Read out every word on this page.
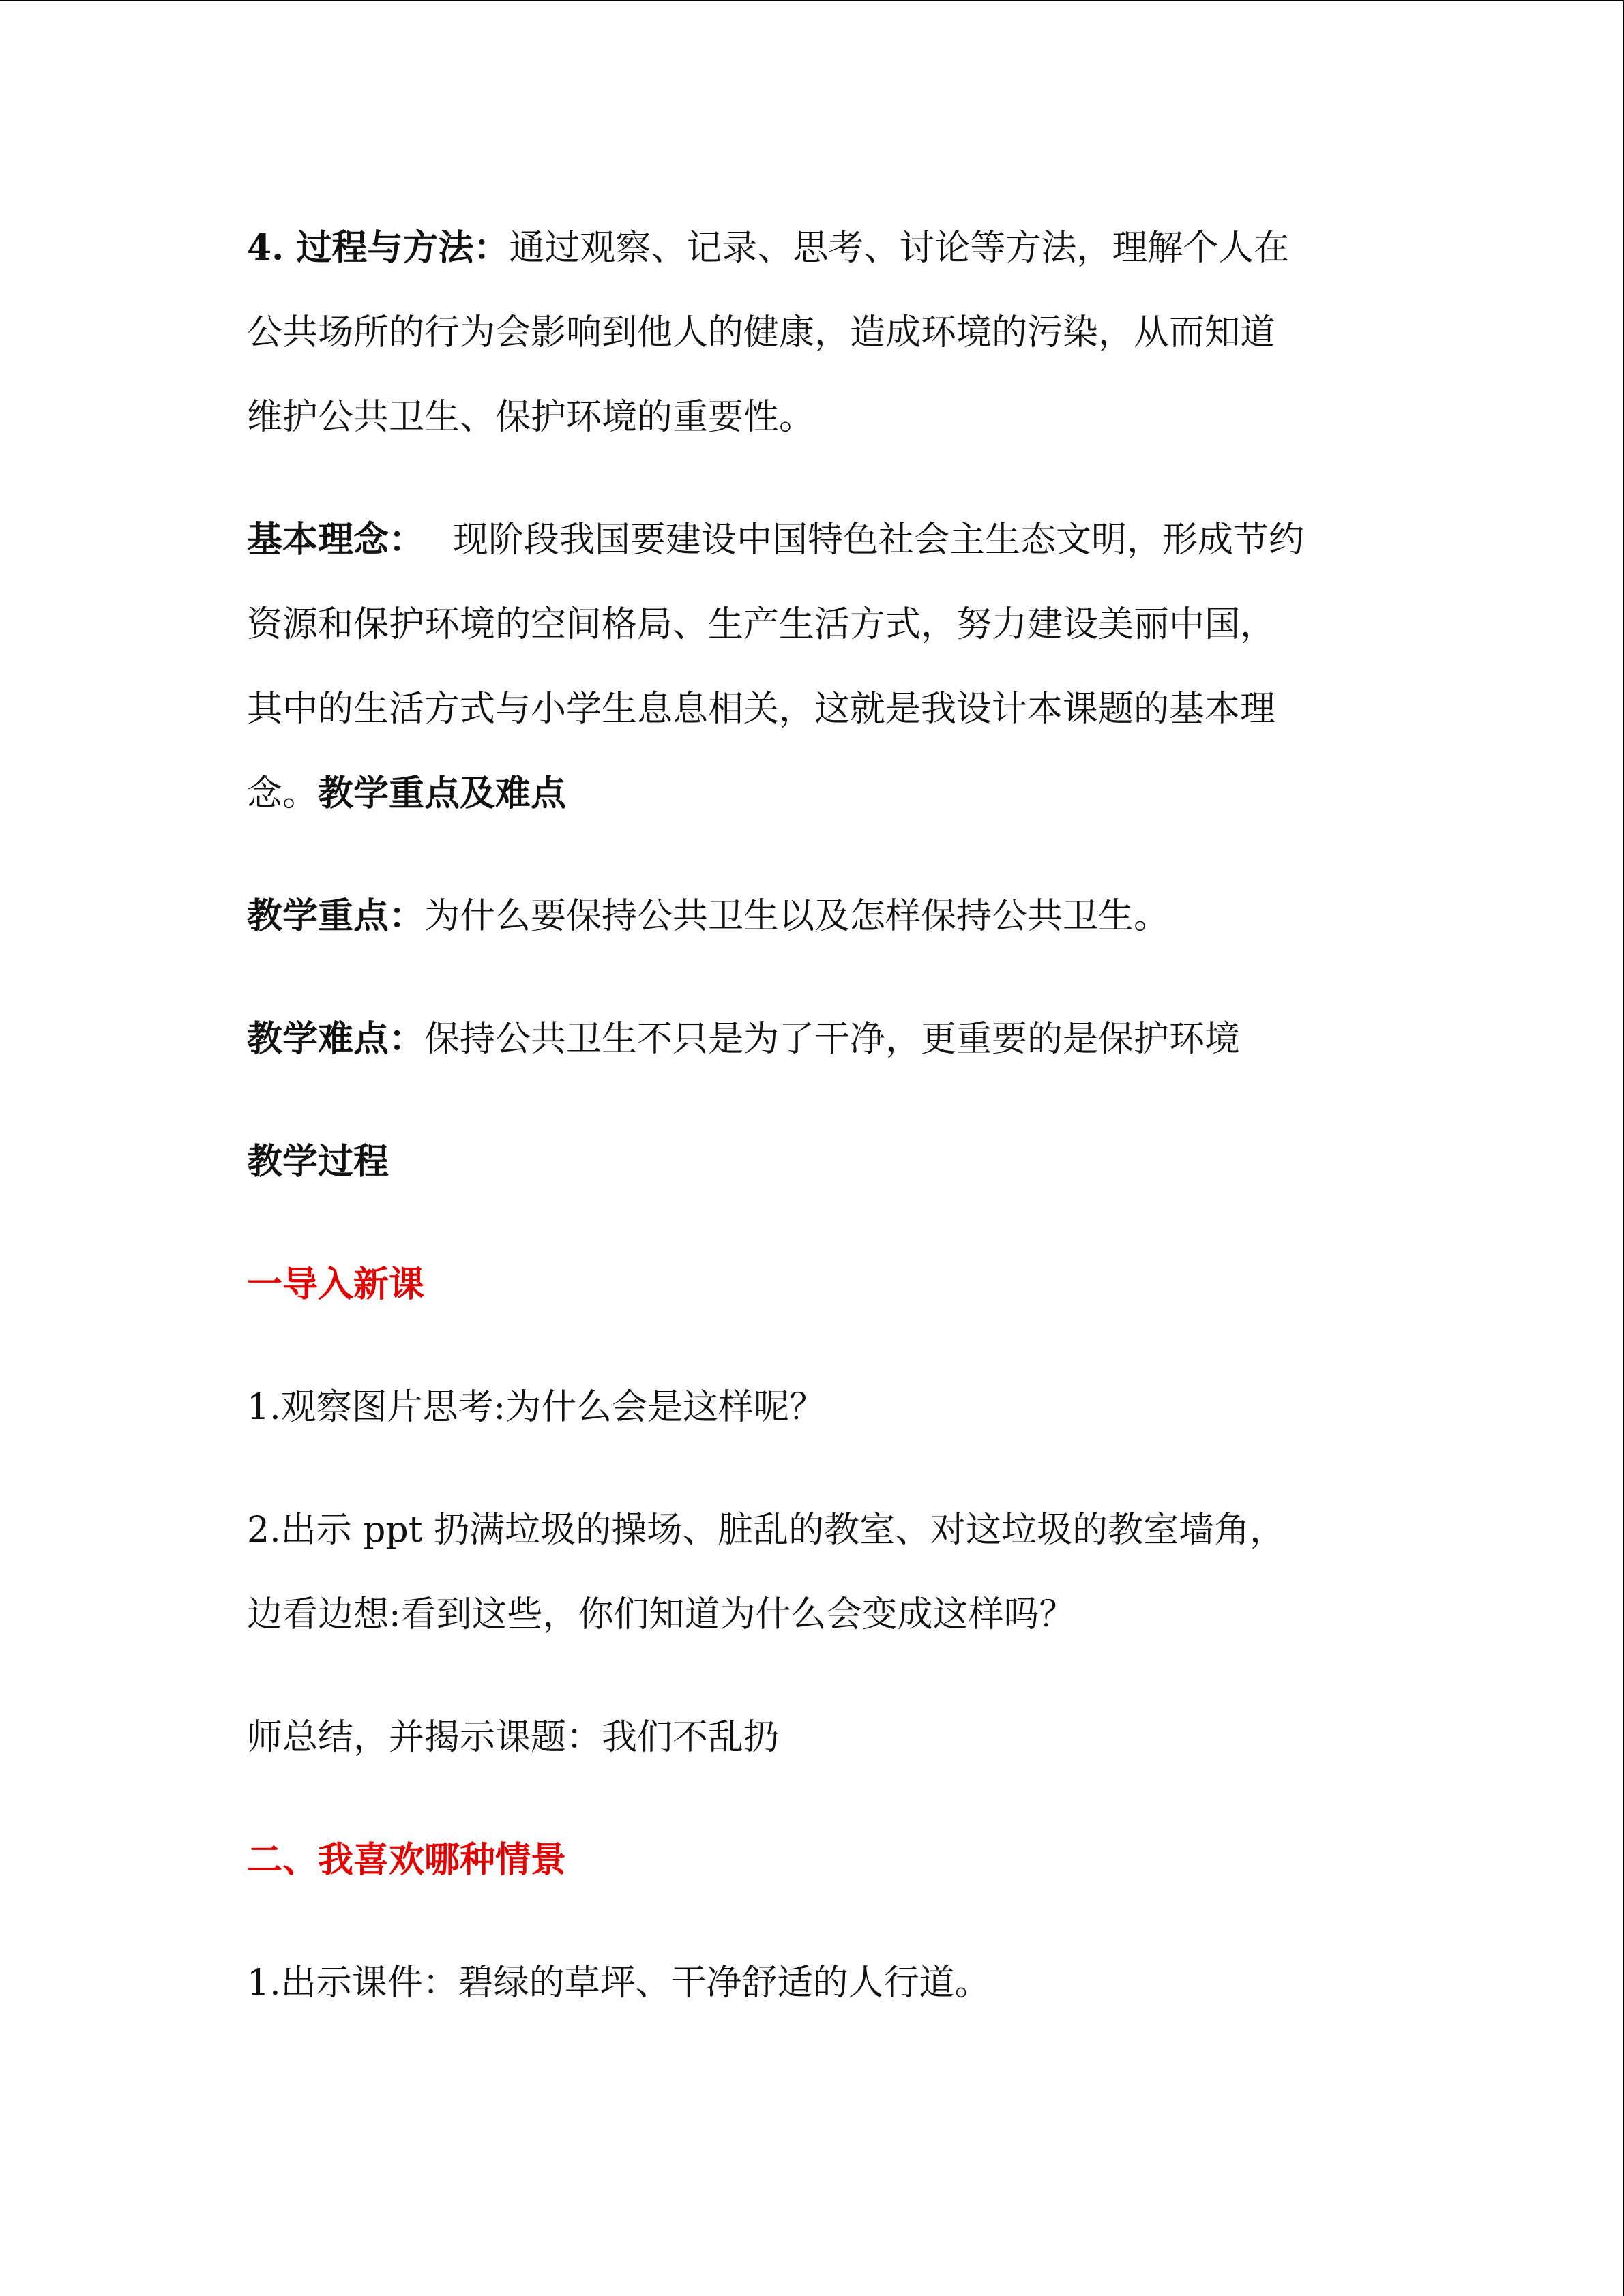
4. 过程与方法：通过观察、记录、思考、讨论等方法，理解个人在

公共场所的行为会影响到他人的健康，造成环境的污染，从而知道

维护公共卫生、保护环境的重要性。

基本理念： 现阶段我国要建设中国特色社会主生态文明，形成节约

资源和保护环境的空间格局、生产生活方式，努力建设美丽中国，

其中的生活方式与小学生息息相关，这就是我设计本课题的基本理

念。教学重点及难点

教学重点：为什么要保持公共卫生以及怎样保持公共卫生。

教学难点：保持公共卫生不只是为了干净，更重要的是保护环境

教学过程

一导入新课

1.观察图片思考:为什么会是这样呢？

2.出示 ppt 扔满垃圾的操场、脏乱的教室、对这垃圾的教室墙角，

边看边想:看到这些，你们知道为什么会变成这样吗？

师总结，并揭示课题：我们不乱扔

二、我喜欢哪种情景

1.出示课件：碧绿的草坪、干净舒适的人行道。
